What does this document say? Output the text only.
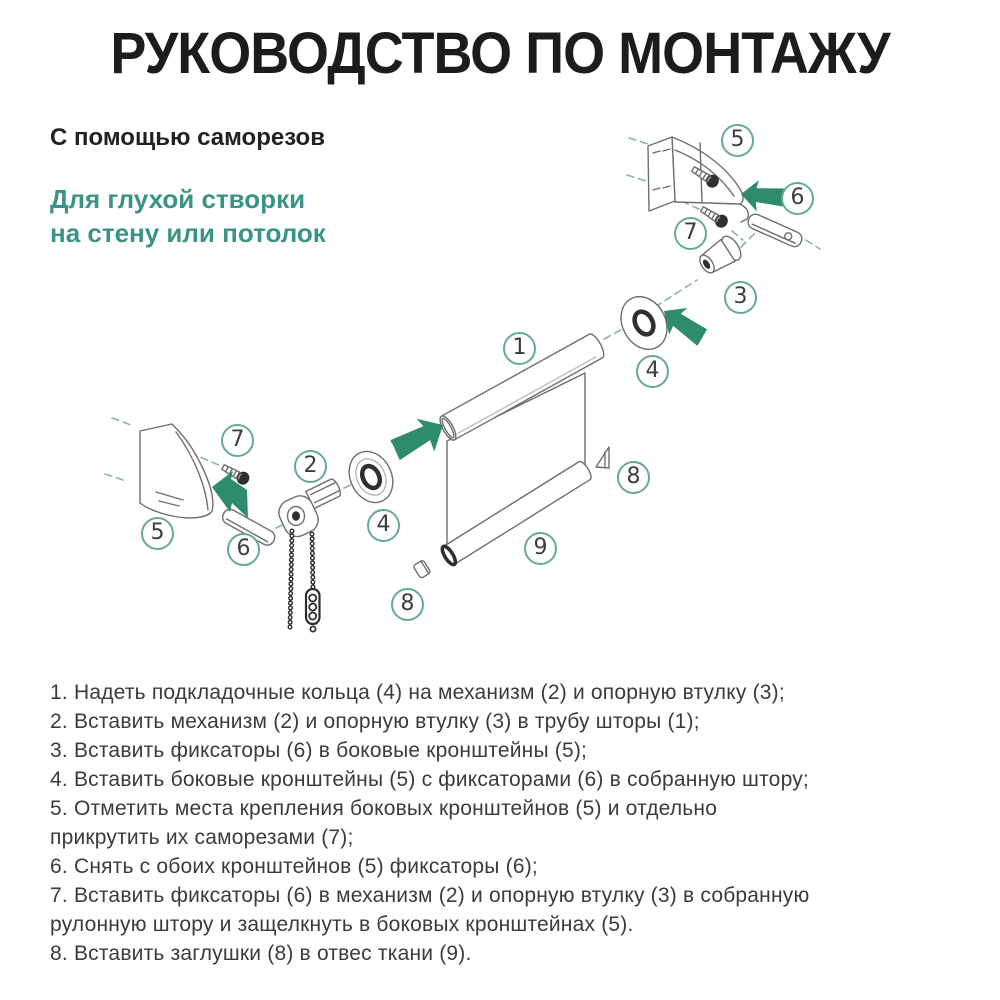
РУКОВОДСТВО ПО МОНТАЖУ
С помощью саморезов
Для глухой створки
на стену или потолок
5
6
7
3
4
1
8
9
8
7
2
4
5
6

1. Надеть подкладочные кольца (4) на механизм (2) и опорную втулку (3);

2. Вставить механизм (2) и опорную втулку (3) в трубу шторы (1);

3. Вставить фиксаторы (6) в боковые кронштейны (5);

4. Вставить боковые кронштейны (5) с фиксаторами (6) в собранную штору;

5. Отметить места крепления боковых кронштейнов (5) и отдельно
прикрутить их саморезами (7);

6. Снять с обоих кронштейнов (5) фиксаторы (6);

7. Вставить фиксаторы (6) в механизм (2) и опорную втулку (3) в собранную
рулонную штору и защелкнуть в боковых кронштейнах (5).

8. Вставить заглушки (8) в отвес ткани (9).
